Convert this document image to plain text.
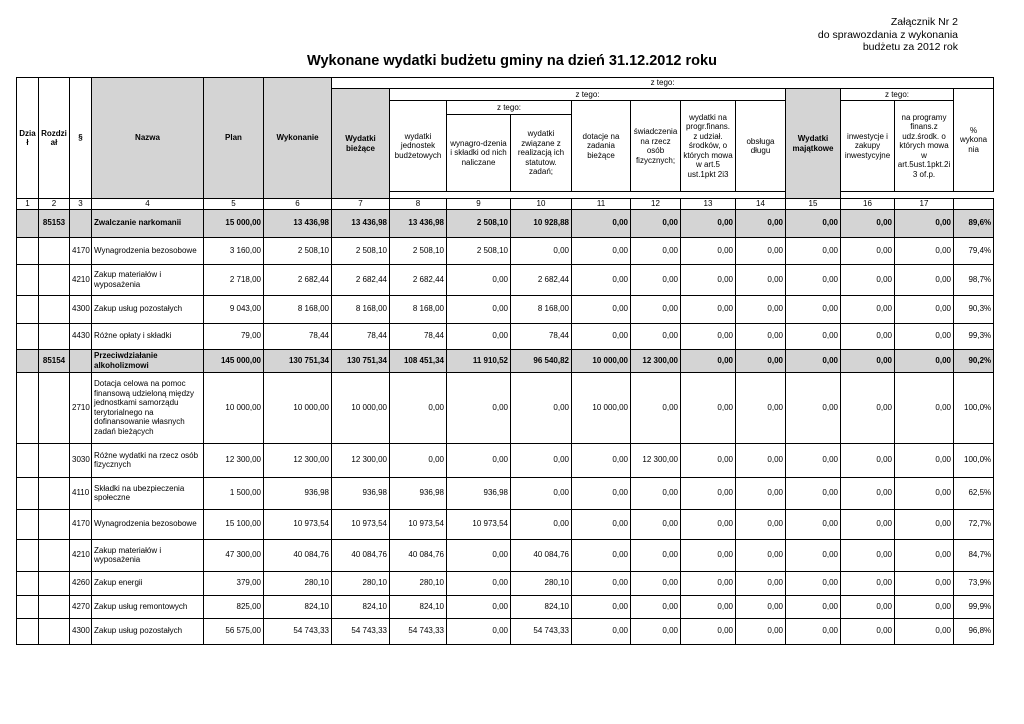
Załącznik Nr 2
do sprawozdania z wykonania
budżetu za 2012 rok
Wykonane wydatki budżetu gminy na dzień 31.12.2012 roku
Dzia ł	Rozdzi ał	§	Nazwa	Plan	Wykonanie	z tego:											
						Wydatki bieżące	z tego:							Wydatki majątkowe	z tego:		% wykona nia
							wydatki jednostek budżetowych	z tego:		dotacje na zadania bieżące	świadczenia na rzecz osób fizycznych;	wydatki na progr.finans. z udział. środków, o których mowa w art.5 ust.1pkt 2i3	obsługa długu		inwestycje i zakupy inwestycyjne	na programy finans.z udz.środk. o których mowa w art.5ust.1pkt.2i 3 of.p.	
								wynagro-dzenia i składki od nich naliczane	wydatki związane z realizacją ich statutow. zadań;								

1	2	3	4	5	6	7	8	9	10	11	12	13	14	15	16	17	
	85153		Zwalczanie narkomanii	15 000,00	13 436,98	13 436,98	13 436,98	2 508,10	10 928,88	0,00	0,00	0,00	0,00	0,00	0,00	0,00	89,6%
		4170	Wynagrodzenia bezosobowe	3 160,00	2 508,10	2 508,10	2 508,10	2 508,10	0,00	0,00	0,00	0,00	0,00	0,00	0,00	0,00	79,4%
		4210	Zakup materiałów i wyposażenia	2 718,00	2 682,44	2 682,44	2 682,44	0,00	2 682,44	0,00	0,00	0,00	0,00	0,00	0,00	0,00	98,7%
		4300	Zakup usług pozostałych	9 043,00	8 168,00	8 168,00	8 168,00	0,00	8 168,00	0,00	0,00	0,00	0,00	0,00	0,00	0,00	90,3%
		4430	Różne opłaty i składki	79,00	78,44	78,44	78,44	0,00	78,44	0,00	0,00	0,00	0,00	0,00	0,00	0,00	99,3%
	85154		Przeciwdziałanie alkoholizmowi	145 000,00	130 751,34	130 751,34	108 451,34	11 910,52	96 540,82	10 000,00	12 300,00	0,00	0,00	0,00	0,00	0,00	90,2%
		2710	Dotacja celowa na pomoc finansową udzieloną między jednostkami samorządu terytorialnego na dofinansowanie własnych zadań bieżących	10 000,00	10 000,00	10 000,00	0,00	0,00	0,00	10 000,00	0,00	0,00	0,00	0,00	0,00	0,00	100,0%
		3030	Różne wydatki na rzecz osób fizycznych	12 300,00	12 300,00	12 300,00	0,00	0,00	0,00	0,00	12 300,00	0,00	0,00	0,00	0,00	0,00	100,0%
		4110	Składki na ubezpieczenia społeczne	1 500,00	936,98	936,98	936,98	936,98	0,00	0,00	0,00	0,00	0,00	0,00	0,00	0,00	62,5%
		4170	Wynagrodzenia bezosobowe	15 100,00	10 973,54	10 973,54	10 973,54	10 973,54	0,00	0,00	0,00	0,00	0,00	0,00	0,00	0,00	72,7%
		4210	Zakup materiałów i wyposażenia	47 300,00	40 084,76	40 084,76	40 084,76	0,00	40 084,76	0,00	0,00	0,00	0,00	0,00	0,00	0,00	84,7%
		4260	Zakup energii	379,00	280,10	280,10	280,10	0,00	280,10	0,00	0,00	0,00	0,00	0,00	0,00	0,00	73,9%
		4270	Zakup usług remontowych	825,00	824,10	824,10	824,10	0,00	824,10	0,00	0,00	0,00	0,00	0,00	0,00	0,00	99,9%
		4300	Zakup usług pozostałych	56 575,00	54 743,33	54 743,33	54 743,33	0,00	54 743,33	0,00	0,00	0,00	0,00	0,00	0,00	0,00	96,8%
